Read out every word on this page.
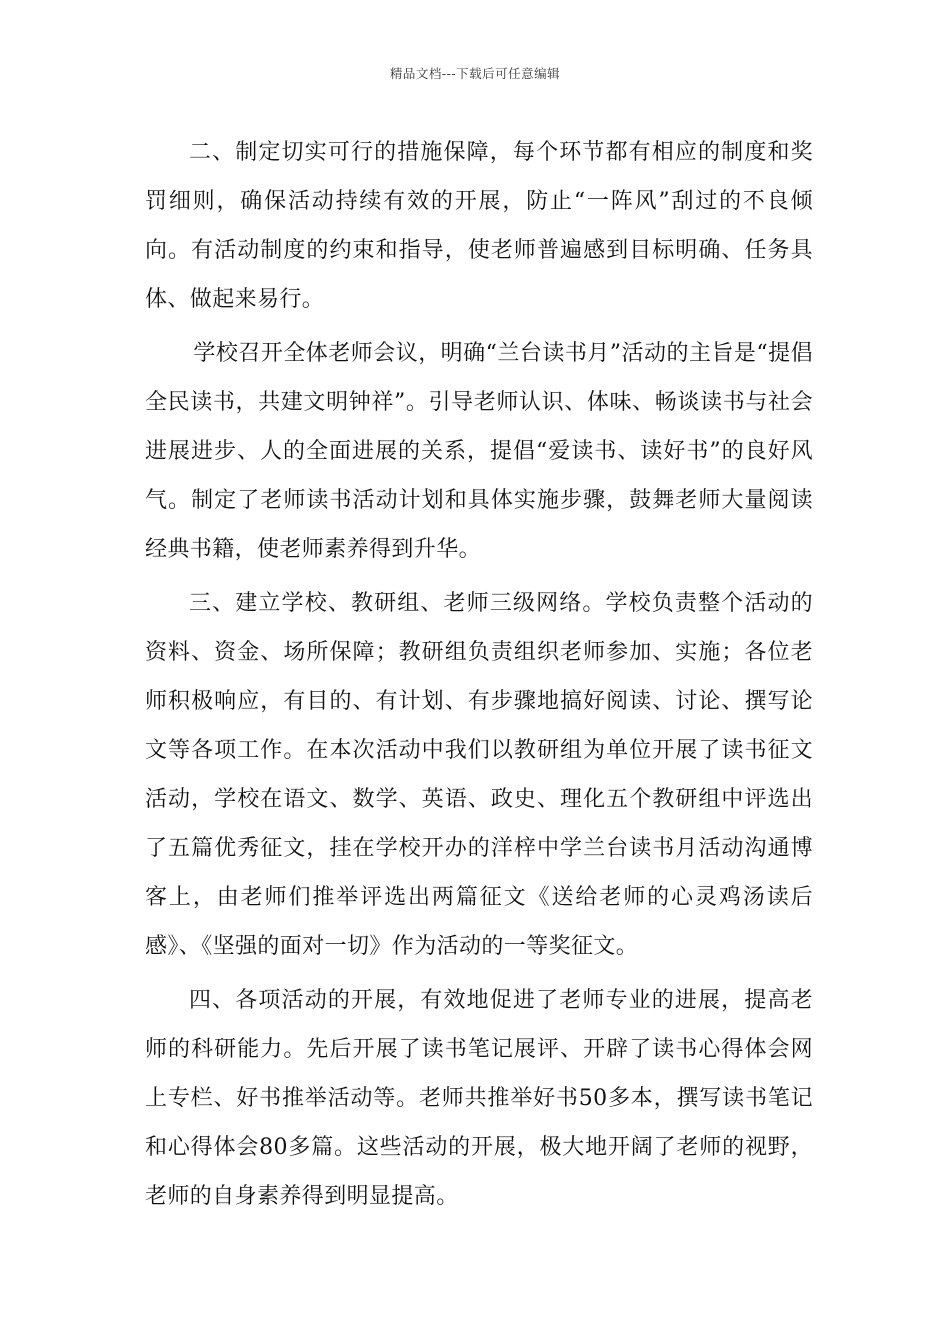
精品文档---下载后可任意编辑

二、制定切实可行的措施保障，每个环节都有相应的制度和奖罚细则，确保活动持续有效的开展，防止“一阵风”刮过的不良倾向。有活动制度的约束和指导，使老师普遍感到目标明确、任务具体、做起来易行。

学校召开全体老师会议，明确“兰台读书月”活动的主旨是“提倡全民读书，共建文明钟祥”。引导老师认识、体味、畅谈读书与社会进展进步、人的全面进展的关系，提倡“爱读书、读好书”的良好风气。制定了老师读书活动计划和具体实施步骤，鼓舞老师大量阅读经典书籍，使老师素养得到升华。

三、建立学校、教研组、老师三级网络。学校负责整个活动的资料、资金、场所保障；教研组负责组织老师参加、实施；各位老师积极响应，有目的、有计划、有步骤地搞好阅读、讨论、撰写论文等各项工作。在本次活动中我们以教研组为单位开展了读书征文活动，学校在语文、数学、英语、政史、理化五个教研组中评选出了五篇优秀征文，挂在学校开办的洋梓中学兰台读书月活动沟通博客上，由老师们推举评选出两篇征文《送给老师的心灵鸡汤读后感》、《坚强的面对一切》作为活动的一等奖征文。

四、各项活动的开展，有效地促进了老师专业的进展，提高老师的科研能力。先后开展了读书笔记展评、开辟了读书心得体会网上专栏、好书推举活动等。老师共推举好书50多本，撰写读书笔记和心得体会80多篇。这些活动的开展，极大地开阔了老师的视野，老师的自身素养得到明显提高。
